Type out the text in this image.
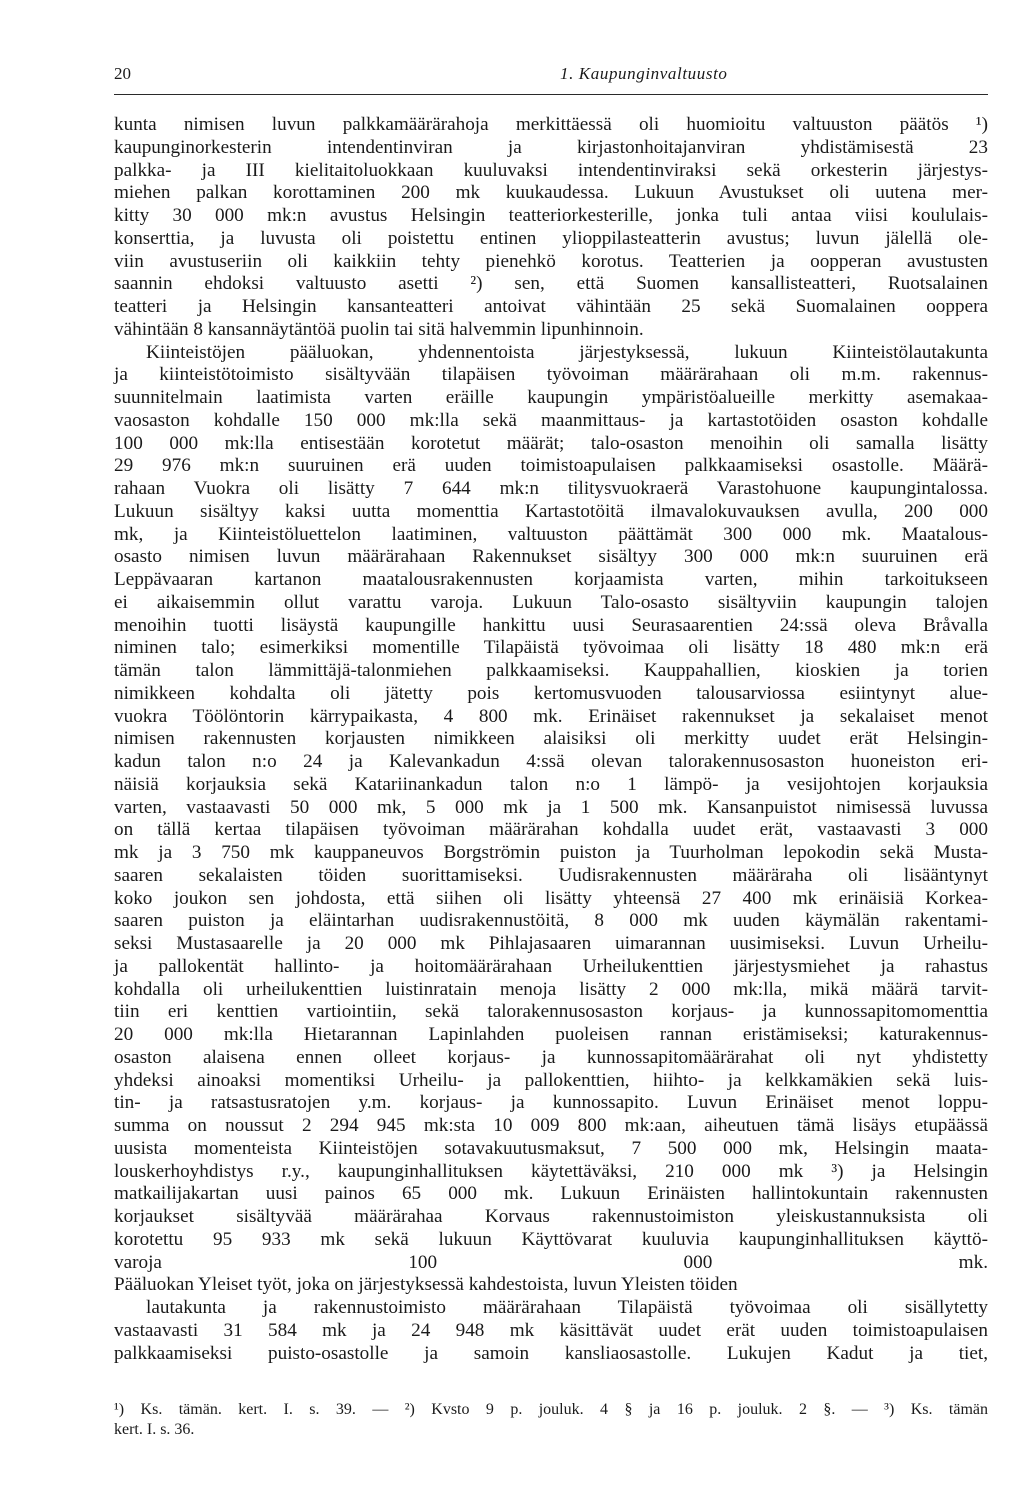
20	1. Kaupunginvaltuusto
kunta nimisen luvun palkkamäärärahoja merkittäessä oli huomioitu valtuuston päätös ¹)
kaupunginorkesterin intendentinviran ja kirjastonhoitajanviran yhdistämisestä 23
palkka- ja III kielitaitoluokkaan kuuluvaksi intendentinviraksi sekä orkesterin järjestys-
miehen palkan korottaminen 200 mk kuukaudessa. Lukuun Avustukset oli uutena mer-
kitty 30 000 mk:n avustus Helsingin teatteriorkesterille, jonka tuli antaa viisi koululais-
konserttia, ja luvusta oli poistettu entinen ylioppilasteatterin avustus; luvun jälellä ole-
viin avustuseriin oli kaikkiin tehty pienehkö korotus. Teatterien ja oopperan avustusten
saannin ehdoksi valtuusto asetti ²) sen, että Suomen kansallisteatteri, Ruotsalainen
teatteri ja Helsingin kansanteatteri antoivat vähintään 25 sekä Suomalainen ooppera
vähintään 8 kansannäytäntöä puolin tai sitä halvemmin lipunhinnoin.
Kiinteistöjen pääluokan, yhdennentoista järjestyksessä, lukuun Kiinteistölautakunta
ja kiinteistötoimisto sisältyvään tilapäisen työvoiman määrärahaan oli m.m. rakennus-
suunnitelmain laatimista varten eräille kaupungin ympäristöalueille merkitty asemakaa-
vaosaston kohdalle 150 000 mk:lla sekä maanmittaus- ja kartastotöiden osaston kohdalle
100 000 mk:lla entisestään korotetut määrät; talo-osaston menoihin oli samalla lisätty
29 976 mk:n suuruinen erä uuden toimistoapulaisen palkkaamiseksi osastolle. Määrä-
rahaan Vuokra oli lisätty 7 644 mk:n tilitysvuokraerä Varastohuone kaupungintalossa.
Lukuun sisältyy kaksi uutta momenttia Kartastotöitä ilmavalokuvauksen avulla, 200 000
mk, ja Kiinteistöluettelon laatiminen, valtuuston päättämät 300 000 mk. Maatalous-
osasto nimisen luvun määrärahaan Rakennukset sisältyy 300 000 mk:n suuruinen erä
Leppävaaran kartanon maatalousrakennusten korjaamista varten, mihin tarkoitukseen
ei aikaisemmin ollut varattu varoja. Lukuun Talo-osasto sisältyviin kaupungin talojen
menoihin tuotti lisäystä kaupungille hankittu uusi Seurasaarentien 24:ssä oleva Bråvalla
niminen talo; esimerkiksi momentille Tilapäistä työvoimaa oli lisätty 18 480 mk:n erä
tämän talon lämmittäjä-talonmiehen palkkaamiseksi. Kauppahallien, kioskien ja torien
nimikkeen kohdalta oli jätetty pois kertomusvuoden talousarviossa esiintynyt alue-
vuokra Töölöntorin kärrypaikasta, 4 800 mk. Erinäiset rakennukset ja sekalaiset menot
nimisen rakennusten korjausten nimikkeen alaisiksi oli merkitty uudet erät Helsingin-
kadun talon n:o 24 ja Kalevankadun 4:ssä olevan talorakennusosaston huoneiston eri-
näisiä korjauksia sekä Katariinankadun talon n:o 1 lämpö- ja vesijohtojen korjauksia
varten, vastaavasti 50 000 mk, 5 000 mk ja 1 500 mk. Kansanpuistot nimisessä luvussa
on tällä kertaa tilapäisen työvoiman määrärahan kohdalla uudet erät, vastaavasti 3 000
mk ja 3 750 mk kauppaneuvos Borgströmin puiston ja Tuurholman lepokodin sekä Musta-
saaren sekalaisten töiden suorittamiseksi. Uudisrakennusten määräraha oli lisääntynyt
koko joukon sen johdosta, että siihen oli lisätty yhteensä 27 400 mk erinäisiä Korkea-
saaren puiston ja eläintarhan uudisrakennustöitä, 8 000 mk uuden käymälän rakentami-
seksi Mustasaarelle ja 20 000 mk Pihlajasaaren uimarannan uusimiseksi. Luvun Urheilu-
ja pallokentät hallinto- ja hoitomäärärahaan Urheilukenttien järjestysmiehet ja rahastus
kohdalla oli urheilukenttien luistinratain menoja lisätty 2 000 mk:lla, mikä määrä tarvit-
tiin eri kenttien vartiointiin, sekä talorakennusosaston korjaus- ja kunnossapitomomenttia
20 000 mk:lla Hietarannan Lapinlahden puoleisen rannan eristämiseksi; katurakennus-
osaston alaisena ennen olleet korjaus- ja kunnossapitomäärärahat oli nyt yhdistetty
yhdeksi ainoaksi momentiksi Urheilu- ja pallokenttien, hiihto- ja kelkkamäkien sekä luis-
tin- ja ratsastusratojen y.m. korjaus- ja kunnossapito. Luvun Erinäiset menot loppu-
summa on noussut 2 294 945 mk:sta 10 009 800 mk:aan, aiheutuen tämä lisäys etupäässä
uusista momenteista Kiinteistöjen sotavakuutusmaksut, 7 500 000 mk, Helsingin maata-
louskerhoyhdistys r.y., kaupunginhallituksen käytettäväksi, 210 000 mk ³) ja Helsingin
matkailijakartan uusi painos 65 000 mk. Lukuun Erinäisten hallintokuntain rakennusten
korjaukset sisältyvää määrärahaa Korvaus rakennustoimiston yleiskustannuksista oli
korotettu 95 933 mk sekä lukuun Käyttövarat kuuluvia kaupunginhallituksen käyttö-
varoja 100 000 mk.
Pääluokan Yleiset työt, joka on järjestyksessä kahdestoista, luvun Yleisten töiden
lautakunta ja rakennustoimisto määrärahaan Tilapäistä työvoimaa oli sisällytetty
vastaavasti 31 584 mk ja 24 948 mk käsittävät uudet erät uuden toimistoapulaisen
palkkaamiseksi puisto-osastolle ja samoin kansliaosastolle. Lukujen Kadut ja tiet,
¹) Ks. tämän. kert. I. s. 39. — ²) Kvsto 9 p. jouluk. 4 § ja 16 p. jouluk. 2 §. — ³) Ks. tämän
kert. I. s. 36.
